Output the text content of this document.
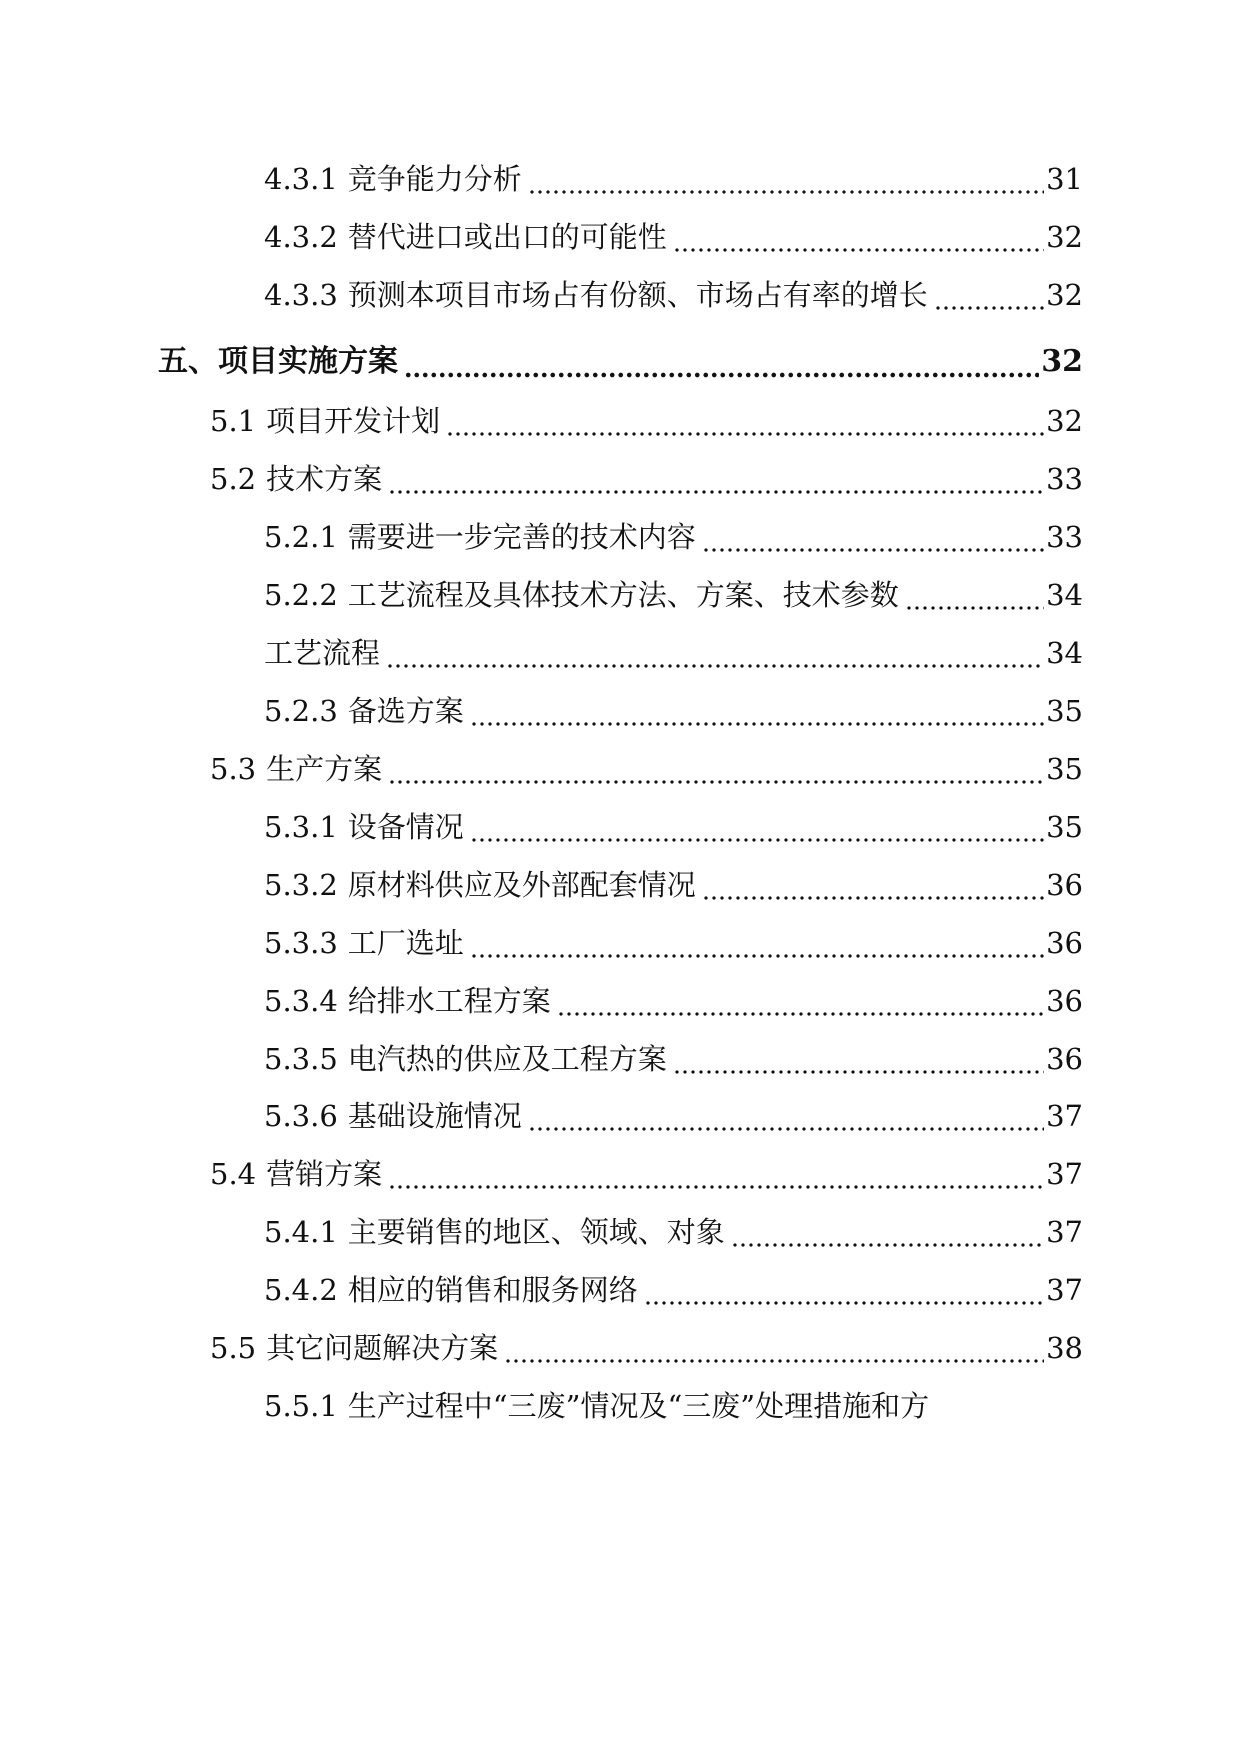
4.3.1 竞争能力分析	31
4.3.2 替代进口或出口的可能性	32
4.3.3 预测本项目市场占有份额、市场占有率的增长	32
五、项目实施方案	32
5.1 项目开发计划	32
5.2 技术方案	33
5.2.1 需要进一步完善的技术内容	33
5.2.2 工艺流程及具体技术方法、方案、技术参数	34
工艺流程	34
5.2.3 备选方案	35
5.3 生产方案	35
5.3.1 设备情况	35
5.3.2 原材料供应及外部配套情况	36
5.3.3 工厂选址	36
5.3.4 给排水工程方案	36
5.3.5 电汽热的供应及工程方案	36
5.3.6 基础设施情况	37
5.4 营销方案	37
5.4.1 主要销售的地区、领域、对象	37
5.4.2 相应的销售和服务网络	37
5.5 其它问题解决方案	38
5.5.1 生产过程中“三废”情况及“三废”处理措施和方
